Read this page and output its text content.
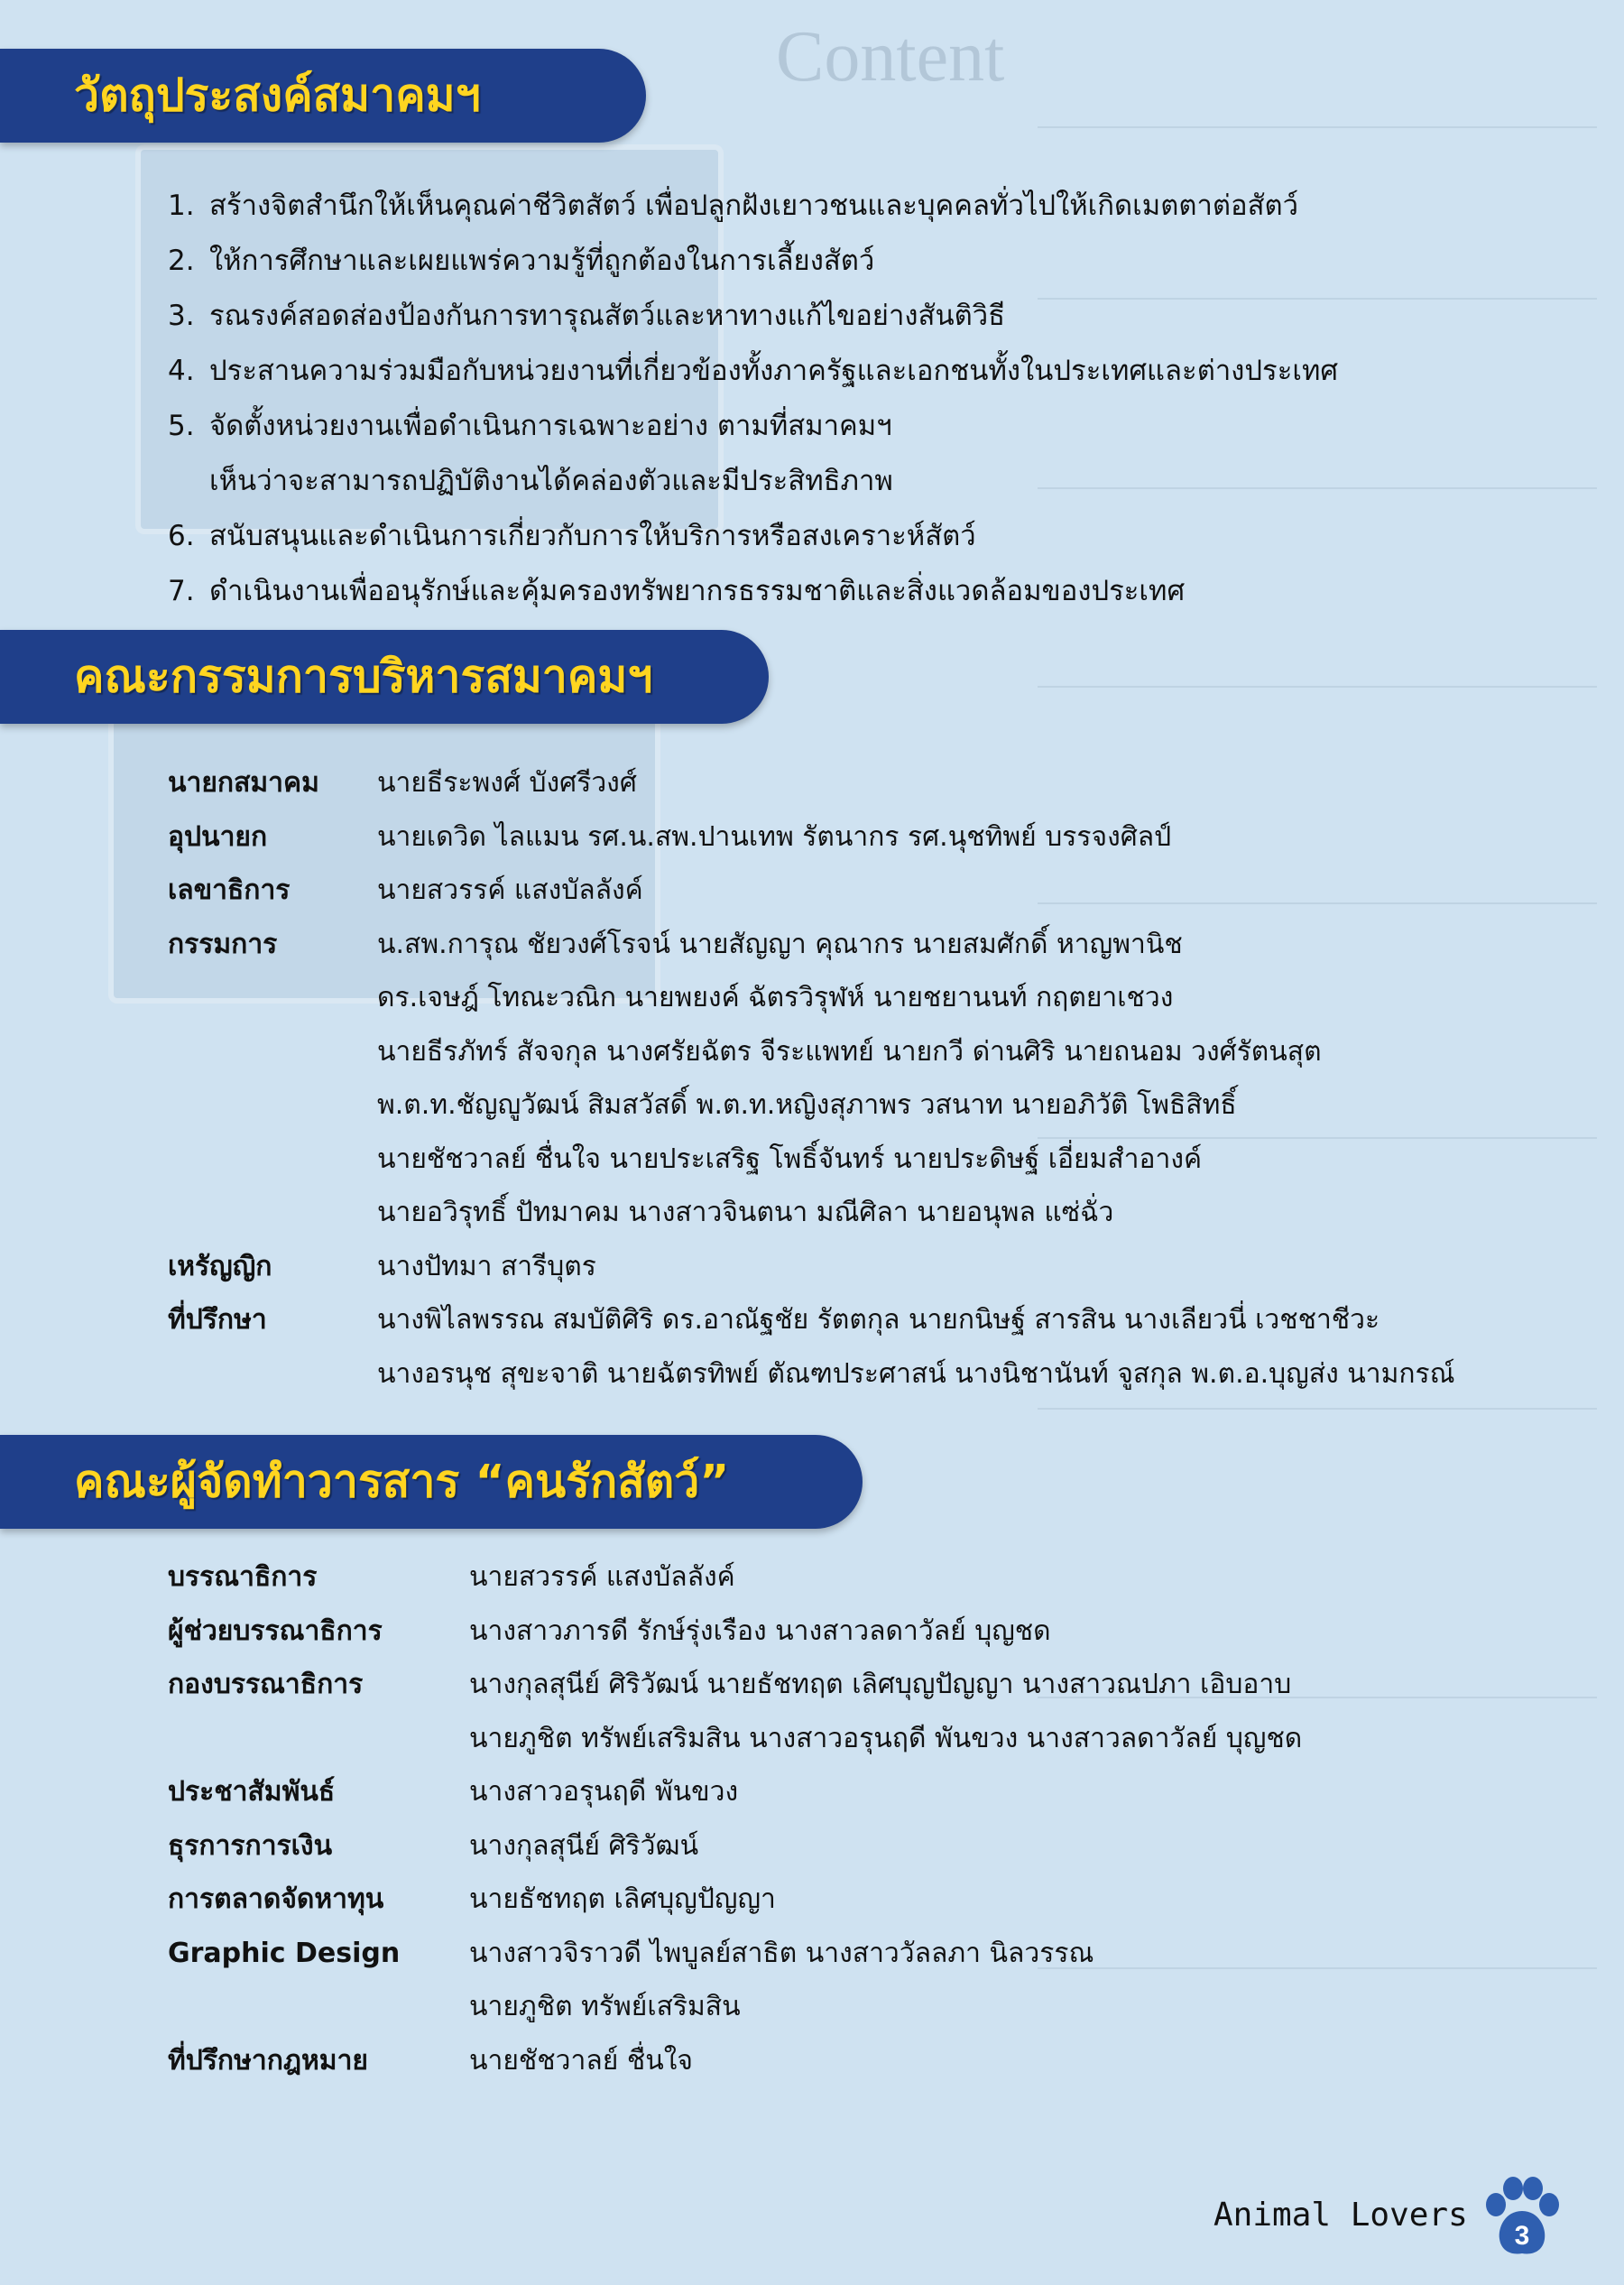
Content
วัตถุประสงค์สมาคมฯ
1. สร้างจิตสำนึกให้เห็นคุณค่าชีวิตสัตว์ เพื่อปลูกฝังเยาวชนและบุคคลทั่วไปให้เกิดเมตตาต่อสัตว์
2. ให้การศึกษาและเผยแพร่ความรู้ที่ถูกต้องในการเลี้ยงสัตว์
3. รณรงค์สอดส่องป้องกันการทารุณสัตว์และหาทางแก้ไขอย่างสันติวิธี
4. ประสานความร่วมมือกับหน่วยงานที่เกี่ยวข้องทั้งภาครัฐและเอกชนทั้งในประเทศและต่างประเทศ
5. จัดตั้งหน่วยงานเพื่อดำเนินการเฉพาะอย่าง ตามที่สมาคมฯ
เห็นว่าจะสามารถปฏิบัติงานได้คล่องตัวและมีประสิทธิภาพ
6. สนับสนุนและดำเนินการเกี่ยวกับการให้บริการหรือสงเคราะห์สัตว์
7. ดำเนินงานเพื่ออนุรักษ์และคุ้มครองทรัพยากรธรรมชาติและสิ่งแวดล้อมของประเทศ
คณะกรรมการบริหารสมาคมฯ
นายกสมาคม	นายธีระพงศ์ บังศรีวงศ์
อุปนายก	นายเดวิด ไลแมน รศ.น.สพ.ปานเทพ รัตนากร รศ.นุชทิพย์ บรรจงศิลป์
เลขาธิการ	นายสวรรค์ แสงบัลลังค์
กรรมการ	น.สพ.การุณ ชัยวงศ์โรจน์ นายสัญญา คุณากร นายสมศักดิ์ หาญพานิช
ดร.เจษฎ์ โทณะวณิก นายพยงค์ ฉัตรวิรุฬห์ นายชยานนท์ กฤตยาเชวง
นายธีรภัทร์ สัจจกุล นางศรัยฉัตร จีระแพทย์ นายกวี ด่านศิริ นายถนอม วงศ์รัตนสุต
พ.ต.ท.ชัญญูวัฒน์ สิมสวัสดิ์ พ.ต.ท.หญิงสุภาพร วสนาท นายอภิวัติ โพธิสิทธิ์
นายชัชวาลย์ ชื่นใจ นายประเสริฐ โพธิ์จันทร์ นายประดิษฐ์ เอี่ยมสำอางค์
นายอวิรุทธิ์ ปัทมาคม นางสาวจินตนา มณีศิลา นายอนุพล แซ่ฉั่ว
เหรัญญิก	นางปัทมา สารีบุตร
ที่ปรึกษา	นางพิไลพรรณ สมบัติศิริ ดร.อาณัฐชัย รัตตกุล นายกนิษฐ์ สารสิน นางเลียวนี่ เวชชาชีวะ
นางอรนุช สุขะจาติ นายฉัตรทิพย์ ตัณฑประศาสน์ นางนิชานันท์ จูสกุล พ.ต.อ.บุญส่ง นามกรณ์
คณะผู้จัดทำวารสาร “คนรักสัตว์”
บรรณาธิการ	นายสวรรค์ แสงบัลลังค์
ผู้ช่วยบรรณาธิการ	นางสาวภารดี รักษ์รุ่งเรือง นางสาวลดาวัลย์ บุญชด
กองบรรณาธิการ	นางกุลสุนีย์ ศิริวัฒน์ นายธัชทฤต เลิศบุญปัญญา นางสาวณปภา เอิบอาบ
นายภูชิต ทรัพย์เสริมสิน นางสาวอรุนฤดี พันขวง นางสาวลดาวัลย์ บุญชด
ประชาสัมพันธ์	นางสาวอรุนฤดี พันขวง
ธุรการการเงิน	นางกุลสุนีย์ ศิริวัฒน์
การตลาดจัดหาทุน	นายธัชทฤต เลิศบุญปัญญา
Graphic Design	นางสาวจิราวดี ไพบูลย์สาธิต นางสาววัลลภา นิลวรรณ
นายภูชิต ทรัพย์เสริมสิน
ที่ปรึกษากฎหมาย	นายชัชวาลย์ ชื่นใจ
Animal Lovers
3
